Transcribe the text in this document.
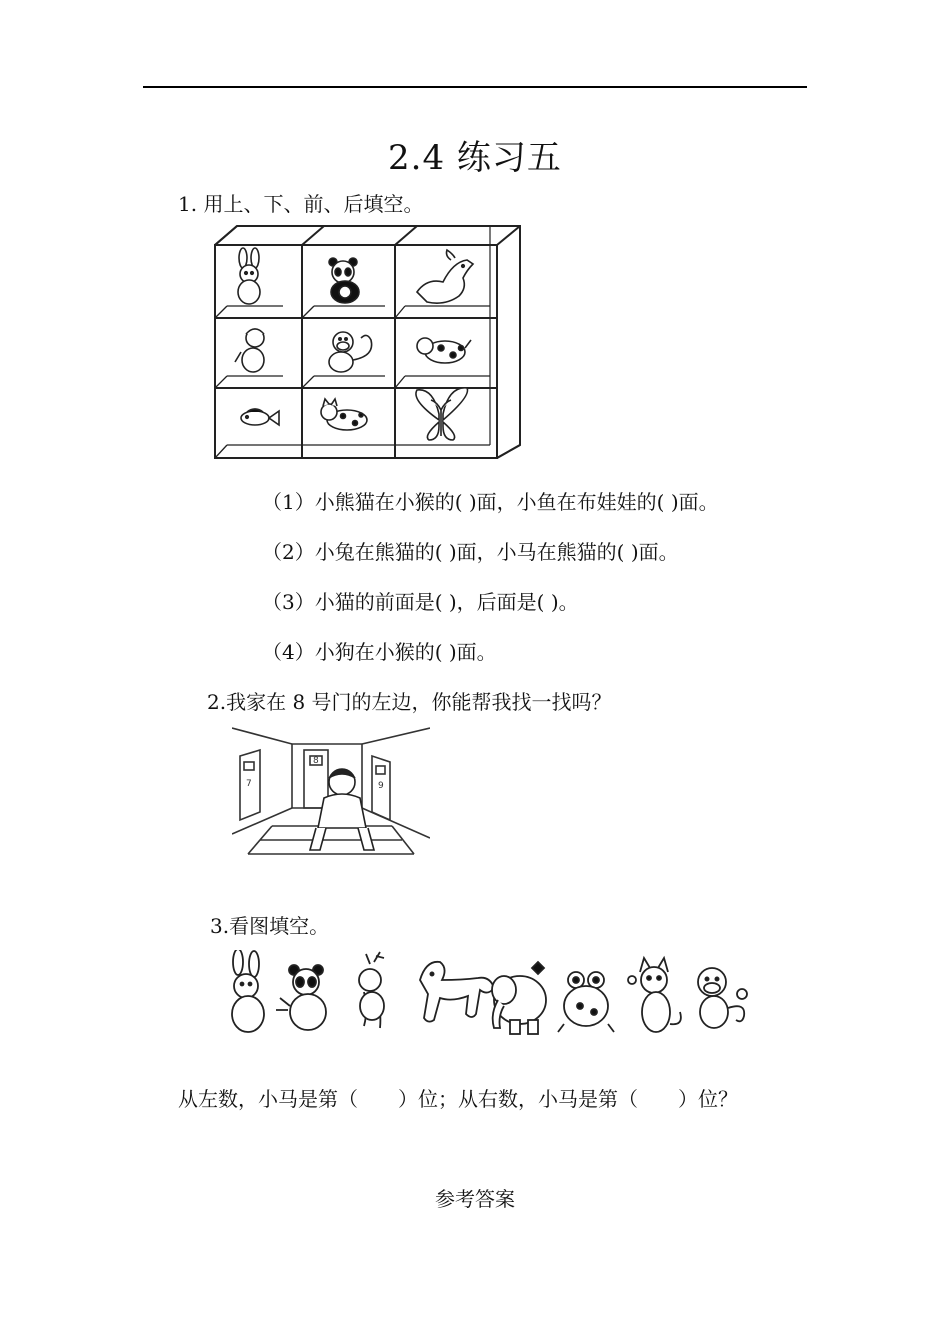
2.4 练习五
1. 用上、下、前、后填空。
（1）小熊猫在小猴的( )面，小鱼在布娃娃的( )面。
（2）小兔在熊猫的( )面，小马在熊猫的( )面。
（3）小猫的前面是( )，后面是( )。
（4）小狗在小猴的( )面。
2.我家在 8 号门的左边，你能帮我找一找吗？
7
8
9
3.看图填空。
从左数，小马是第（　　）位；从右数，小马是第（　　）位？
参考答案
